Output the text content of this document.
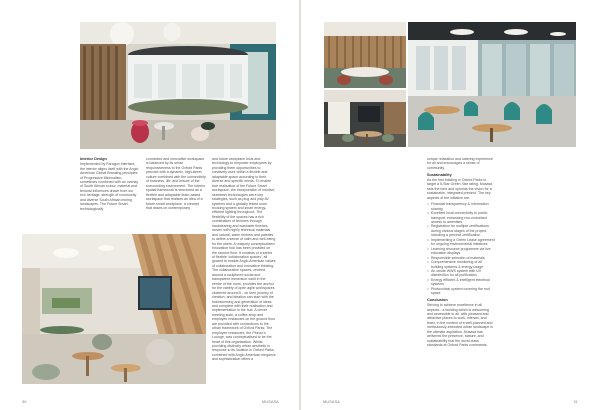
Interior Design

Implemented by Paragon Interface, the interior aligns itself with the Anglo American Global Branding principles of Progressive Minimalism, sometimes combined with an overlay of South African colour, material and textural influences drawn from our rich heritage, strength of community and diverse South African mining landscapes. The Future Smart, technologically

connected and innovative workspace is balanced by its urban responsiveness to the Oxford Parks precinct with a dynamic, high-street culture combined with the connectivity of business, life, and leisure of the surrounding environment. The interior spatial framework is structured as a flexible and adaptable team-based workspace that realises an idea of a future smart workplace, a concept that draws on contemporary

and future workplace tools and technology to empower employees by providing them opportunities to creatively work within a flexible and adaptable space according to their diverse and specific needs. To enable true realisation of the Future Smart workspace, the incorporation of intuitive, seamless technologies were key strategies, such as plug and play AV systems and a globally linked room booking system and smart energy-efficient lighting throughout. The flexibility of the spaces has a rich combination of textures through hardwearing and washable finishes, woven with highly technical materials and natural, warm timbers and palettes to define a sense of calm and well-being for the users. A uniquely conceptualised innovation hub has been provided on the second floor. It consists of a series of flexible 'collaboration spaces', all geared to enable Anglo American values of collaboration and innovative thinking. The collaborative spaces, centred around a sculptured social and transparent immersion vault in the centre of the room, provides the anchor for the variety of open agile workspaces clustered around it - on their journey of creation, and ideation can start with the brainstorming and generation of ideas and complete with their realisation and implementation in the hub. A clever meeting suite, a coffee shop and employee restaurant on the ground floor are provided with connections to the urban framework of Oxford Parks. The employee restaurant, the Pfunzo's Lounge, was conceptualised to be the heart of this organisation. Whilst providing distinctly urban aesthetic in response to its location in Oxford Parks, combined with Anglo American elegance and sophistication offers a

30	MUSASA

unique relaxation and catering experience for all and encourages a sense of community.

Sustainability

As the first building in Oxford Parks to target a 5-Star Green Star rating, Musasa sets the tone and upholds the vision for a sustainable, integrated precinct. The key aspects of the initiative are:

• Financial transparency & information sharing
• Excellent local connectivity to public transport, enhancing non-motorised access to amenities
• Registration for multiple certifications during various stages of the project, including a precinct certification
• Implementing a Green Lease agreement for ongoing environmental initiatives
• Learning resource programme via live education displays
• Responsible selection of materials
• Comprehensive monitoring of all building systems & energy usage
• An onsite WWS system with UV disinfection for all purification
• Energy efficient & intelligent electrical systems
• Photovoltaic system covering the roof space
Conclusion

Striving to achieve excellence in all aspects - a building which is welcoming and accessible to all, with pleasant and attractive places to work, interact, and feast, in the context of a well-planned and meticulously-executed urban landscape is the ultimate aspiration. Musasa has delivered the presence, stature, and sustainability that the world-class standards at Oxford Parks commands.

MUSASA	31
